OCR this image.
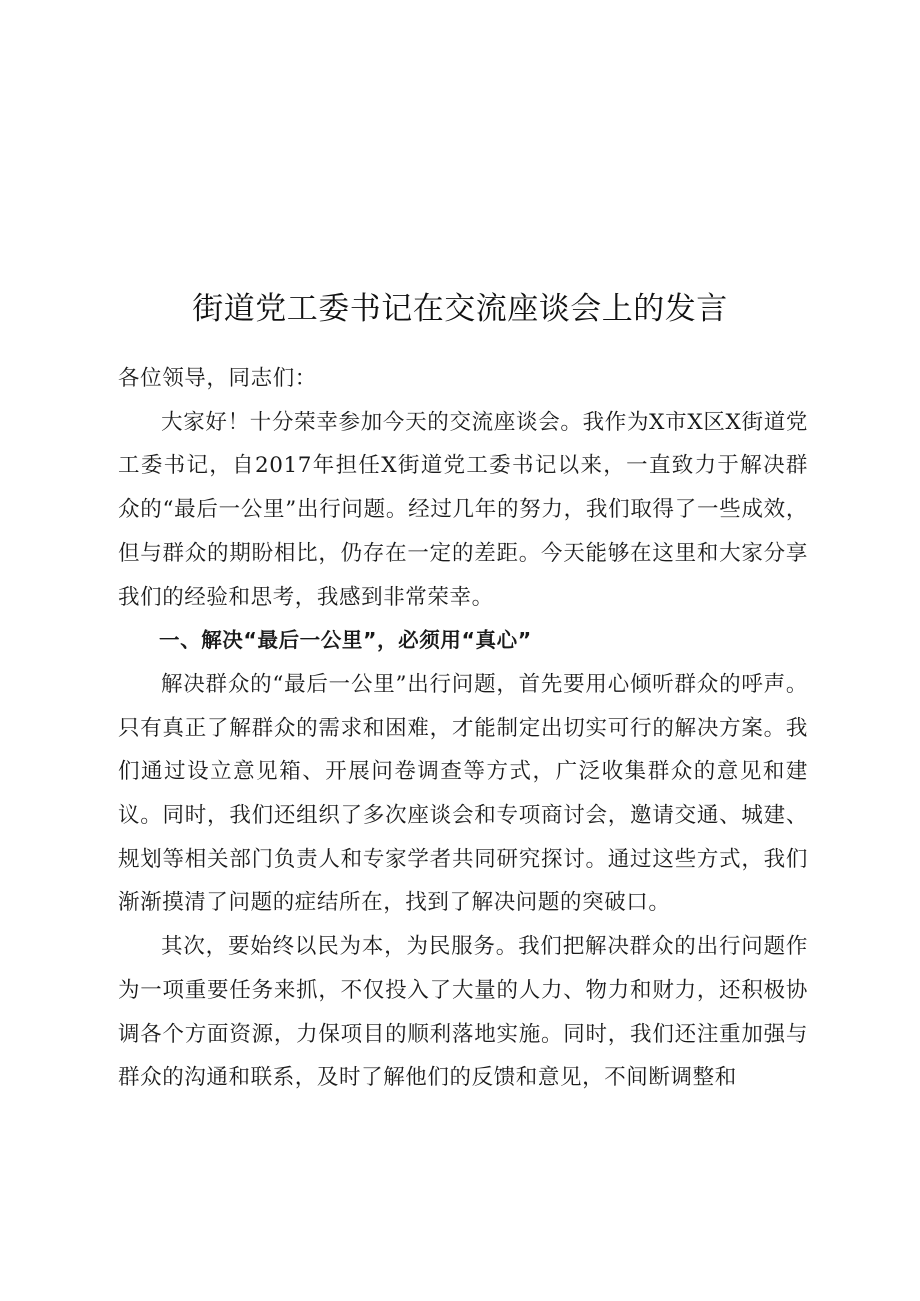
街道党工委书记在交流座谈会上的发言

各位领导，同志们：

大家好！十分荣幸参加今天的交流座谈会。我作为X市X区X街道党工委书记，自2017年担任X街道党工委书记以来，一直致力于解决群众的“最后一公里”出行问题。经过几年的努力，我们取得了一些成效，但与群众的期盼相比，仍存在一定的差距。今天能够在这里和大家分享我们的经验和思考，我感到非常荣幸。

一、解决“最后一公里”，必须用“真心”

解决群众的“最后一公里”出行问题，首先要用心倾听群众的呼声。只有真正了解群众的需求和困难，才能制定出切实可行的解决方案。我们通过设立意见箱、开展问卷调查等方式，广泛收集群众的意见和建议。同时，我们还组织了多次座谈会和专项商讨会，邀请交通、城建、规划等相关部门负责人和专家学者共同研究探讨。通过这些方式，我们渐渐摸清了问题的症结所在，找到了解决问题的突破口。

其次，要始终以民为本，为民服务。我们把解决群众的出行问题作为一项重要任务来抓，不仅投入了大量的人力、物力和财力，还积极协调各个方面资源，力保项目的顺利落地实施。同时，我们还注重加强与群众的沟通和联系，及时了解他们的反馈和意见，不间断调整和
